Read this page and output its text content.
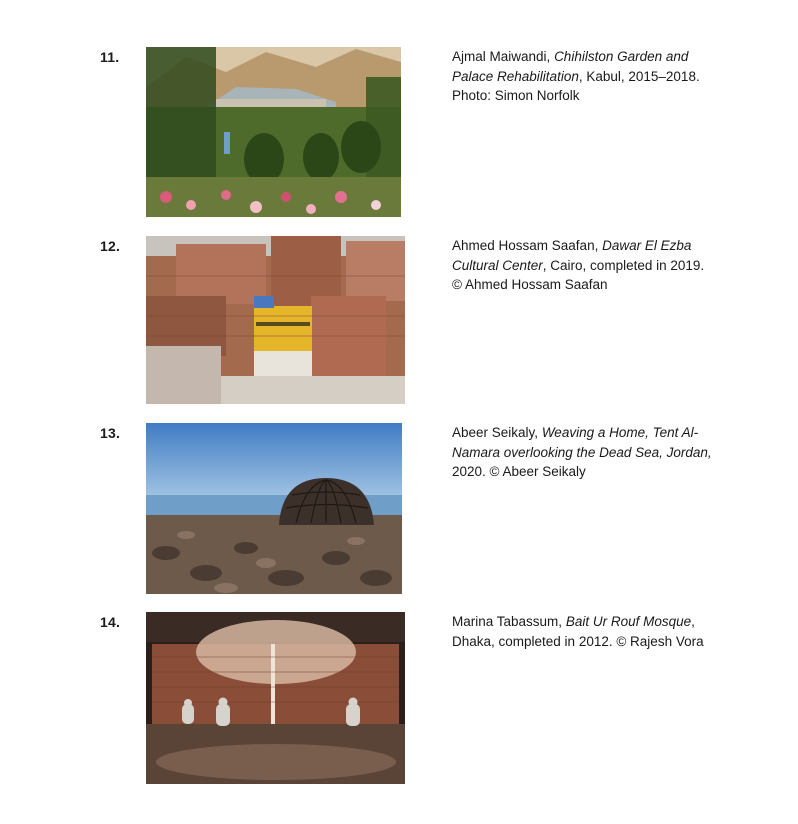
11.	Ajmal Maiwandi, Chihilston Garden and Palace Rehabilitation, Kabul, 2015–2018. Photo: Simon Norfolk
12.	Ahmed Hossam Saafan, Dawar El Ezba Cultural Center, Cairo, completed in 2019. © Ahmed Hossam Saafan
13.	Abeer Seikaly, Weaving a Home, Tent Al-Namara overlooking the Dead Sea, Jordan, 2020. © Abeer Seikaly
14.	Marina Tabassum, Bait Ur Rouf Mosque, Dhaka, completed in 2012. © Rajesh Vora
